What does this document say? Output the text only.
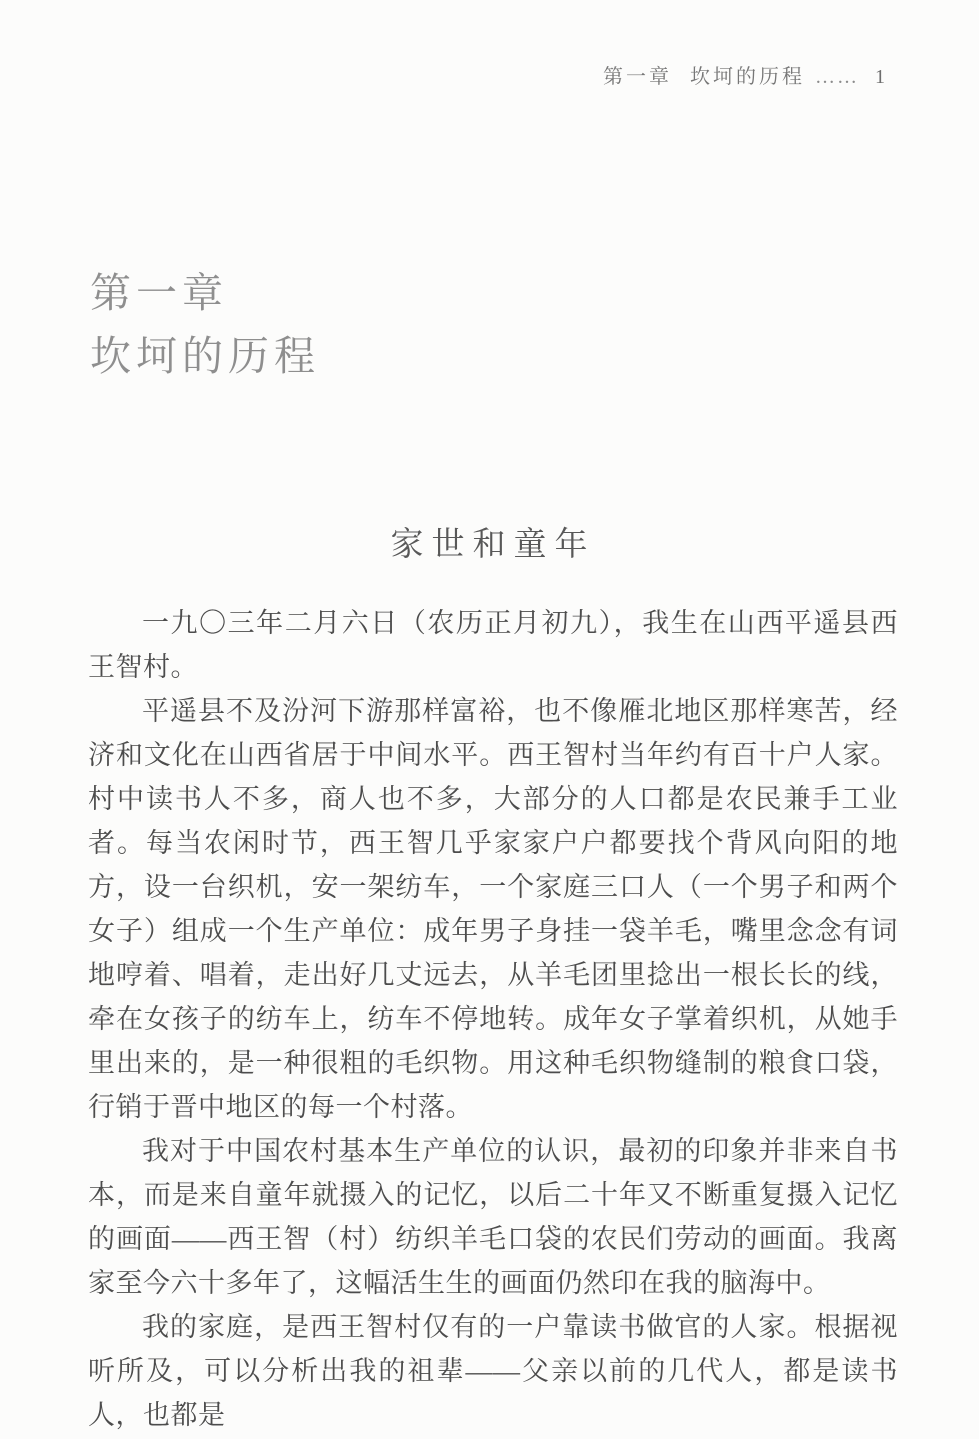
第一章 坎坷的历程 …… 1
第一章
坎坷的历程
家世和童年

一九〇三年二月六日（农历正月初九），我生在山西平遥县西王智村。

平遥县不及汾河下游那样富裕，也不像雁北地区那样寒苦，经济和文化在山西省居于中间水平。西王智村当年约有百十户人家。村中读书人不多，商人也不多，大部分的人口都是农民兼手工业者。每当农闲时节，西王智几乎家家户户都要找个背风向阳的地方，设一台织机，安一架纺车，一个家庭三口人（一个男子和两个女子）组成一个生产单位：成年男子身挂一袋羊毛，嘴里念念有词地哼着、唱着，走出好几丈远去，从羊毛团里捻出一根长长的线，牵在女孩子的纺车上，纺车不停地转。成年女子掌着织机，从她手里出来的，是一种很粗的毛织物。用这种毛织物缝制的粮食口袋，行销于晋中地区的每一个村落。

我对于中国农村基本生产单位的认识，最初的印象并非来自书本，而是来自童年就摄入的记忆，以后二十年又不断重复摄入记忆的画面——西王智（村）纺织羊毛口袋的农民们劳动的画面。我离家至今六十多年了，这幅活生生的画面仍然印在我的脑海中。

我的家庭，是西王智村仅有的一户靠读书做官的人家。根据视听所及，可以分析出我的祖辈——父亲以前的几代人，都是读书人，也都是
